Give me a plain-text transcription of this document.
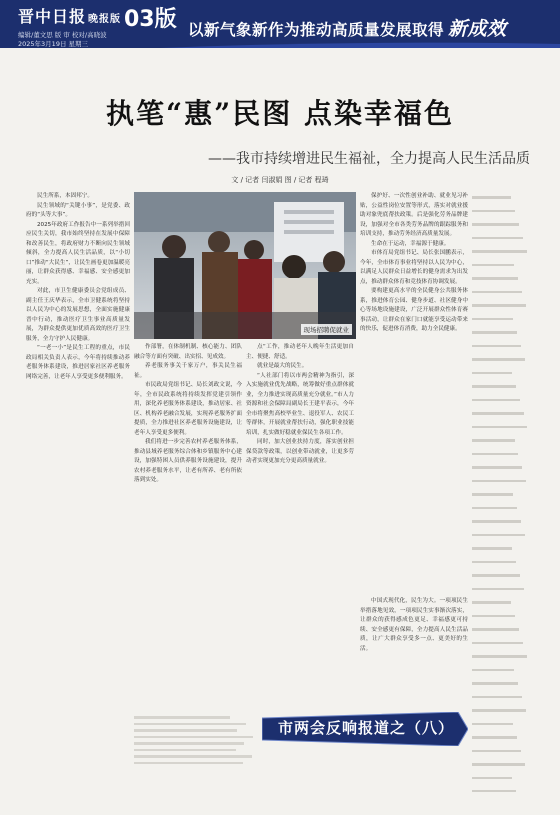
晋中日报 晚报版 03版
编辑/董文思 版 审 校对/高晓波
2025年3月19日 星期三
以新气象新作为推动高质量发展取得 新成效
执笔“惠”民图 点染幸福色
——我市持续增进民生福祉，全力提高人民生活品质
文 / 记者 闫淑娟 图 / 记者 程琦

民生所系，本固邦宁。

民生领域的“关键小事”，是党委、政府的“头等大事”。

2025年政府工作报告中一系列举措回应民生关切，我市始终坚持在发展中保障和改善民生，将政府财力不断向民生领域倾斜，全力提高人民生活品质，以“小切口”推动“大民生”，让民生画卷更加温暖亮丽，让群众获得感、幸福感、安全感更加充实。

对此，市卫生健康委员会党组成员、副主任王庆华表示，全市卫健系统将坚持以人民为中心的发展思想，全面实施健康晋中行动，推动医疗卫生事业高质量发展，为群众提供更加优质高效的医疗卫生服务，全力守护人民健康。

“一老一小”是民生工程的重点，市民政局相关负责人表示，今年将持续推动养老服务体系建设，推进居家社区养老服务网络完善，让老年人享受更多便利服务。

现场招聘促就业

作部署，在体制机制、核心能力、团队融合等方面有突破、出实招、见成效。

养老服务事关千家万户，事关民生福祉。

市民政局党组书记、局长刘政文说，今年，全市民政系统将持续发挥党建引领作用，深化养老服务体系建设，推动居家、社区、机构养老融合发展，实现养老服务扩面提质，全力推进社区养老服务设施建设，让老年人享受更多便利。

我们将进一步完善农村养老服务体系，推动县域养老服务综合体和乡镇服务中心建设，加强特困人员供养服务设施建设，提升农村养老服务水平，让老有所养、老有所依落到实处。

点“工作，推动老年人晚年生活更加自主、便捷、舒适。

就业是最大的民生。

“人社部门将以市两会精神为指引，深入实施就业优先战略，统筹做好重点群体就业，全力推进实现高质量充分就业。”市人力资源和社会保障局副局长王建平表示，今年全市将聚焦高校毕业生、退役军人、农民工等群体，开展就业帮扶行动，强化职业技能培训，扎实做好稳就业保民生各项工作。

同时，加大创业扶持力度，落实创业担保贷款等政策，以创业带动就业，让更多劳动者实现更加充分更高质量就业。

保护好、一次性创业补助、就业见习补贴，公益性岗位安置等形式，落实对就业援助对象兜底帮扶政策。后是强化劳务品牌建设，加强对全市各类劳务品牌的跟踪服务和培训支持，推动劳务经济高质量发展。

生命在于运动，幸福源于健康。

市体育局党组书记、局长张国鹏表示，今年，全市体育事业将坚持以人民为中心，以满足人民群众日益增长的健身需求为出发点，推动群众体育和竞技体育协调发展。

要构建更高水平的全民健身公共服务体系，推进体育公园、健身步道、社区健身中心等场地设施建设，广泛开展群众性体育赛事活动，让群众在家门口就能享受运动带来的快乐，促进体育消费，助力全民健康。

中国式现代化，民生为大。一项项民生举措落地见效，一项项民生实事渐次落实，让群众的获得感成色更足、幸福感更可持续、安全感更有保障，全力提高人民生活品质，让广大群众享受多一点、更美好的生活。

市两会反响报道之（八）
